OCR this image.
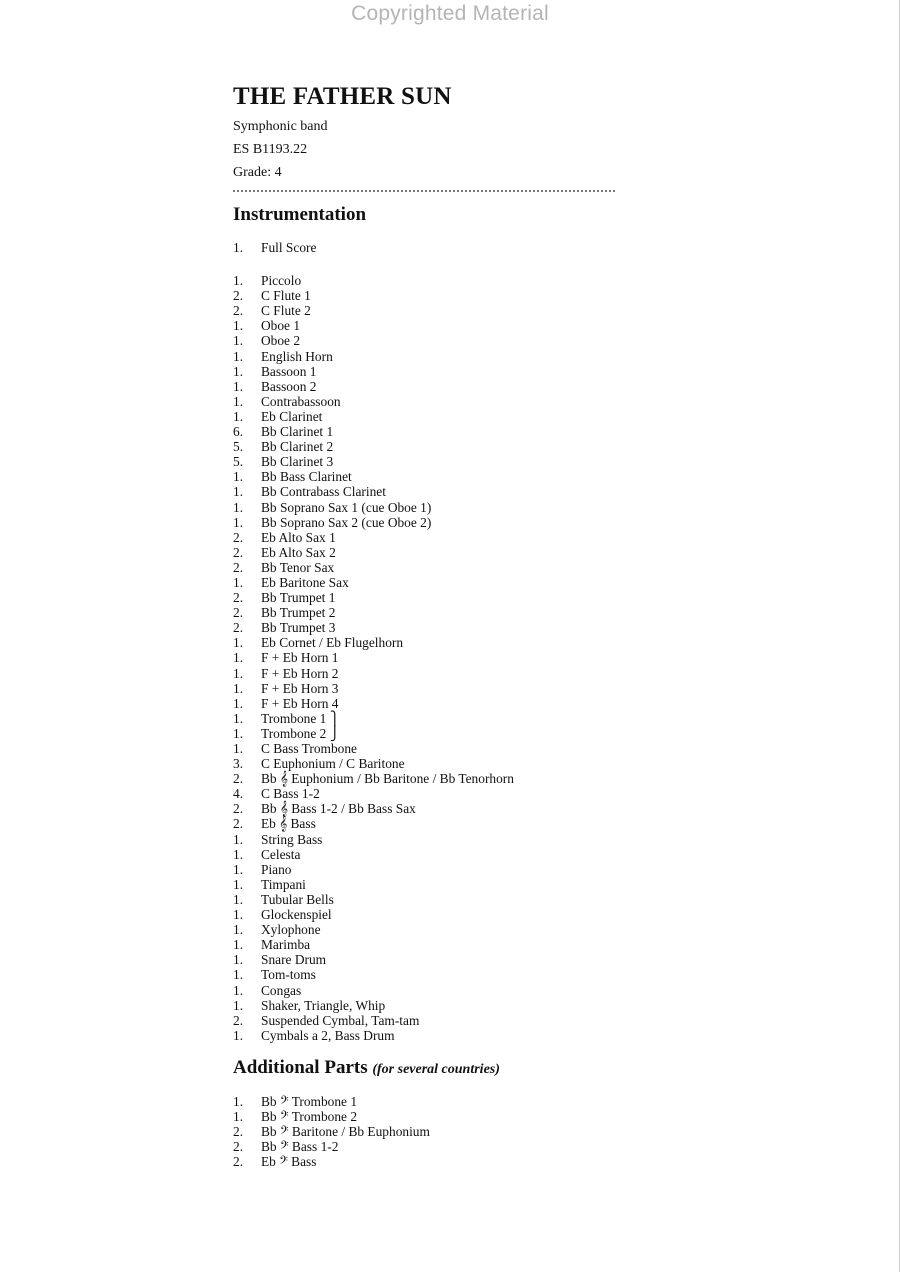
Copyrighted Material
THE FATHER SUN

Symphonic band

ES B1193.22

Grade: 4

Instrumentation
1. Full Score
1. Piccolo
2. C Flute 1
2. C Flute 2
1. Oboe 1
1. Oboe 2
1. English Horn
1. Bassoon 1
1. Bassoon 2
1. Contrabassoon
1. Eb Clarinet
6. Bb Clarinet 1
5. Bb Clarinet 2
5. Bb Clarinet 3
1. Bb Bass Clarinet
1. Bb Contrabass Clarinet
1. Bb Soprano Sax 1 (cue Oboe 1)
1. Bb Soprano Sax 2 (cue Oboe 2)
2. Eb Alto Sax 1
2. Eb Alto Sax 2
2. Bb Tenor Sax
1. Eb Baritone Sax
2. Bb Trumpet 1
2. Bb Trumpet 2
2. Bb Trumpet 3
1. Eb Cornet / Eb Flugelhorn
1. F + Eb Horn 1
1. F + Eb Horn 2
1. F + Eb Horn 3
1. F + Eb Horn 4
1. Trombone 1 ⎫
1. Trombone 2 ⎭
1. C Bass Trombone
3. C Euphonium / C Baritone
2. Bb 𝄞 Euphonium / Bb Baritone / Bb Tenorhorn
4. C Bass 1-2
2. Bb 𝄞 Bass 1-2 / Bb Bass Sax
2. Eb 𝄞 Bass
1. String Bass
1. Celesta
1. Piano
1. Timpani
1. Tubular Bells
1. Glockenspiel
1. Xylophone
1. Marimba
1. Snare Drum
1. Tom-toms
1. Congas
1. Shaker, Triangle, Whip
2. Suspended Cymbal, Tam-tam
1. Cymbals a 2, Bass Drum
Additional Parts (for several countries)
1. Bb 𝄢 Trombone 1
1. Bb 𝄢 Trombone 2
2. Bb 𝄢 Baritone / Bb Euphonium
2. Bb 𝄢 Bass 1-2
2. Eb 𝄢 Bass
